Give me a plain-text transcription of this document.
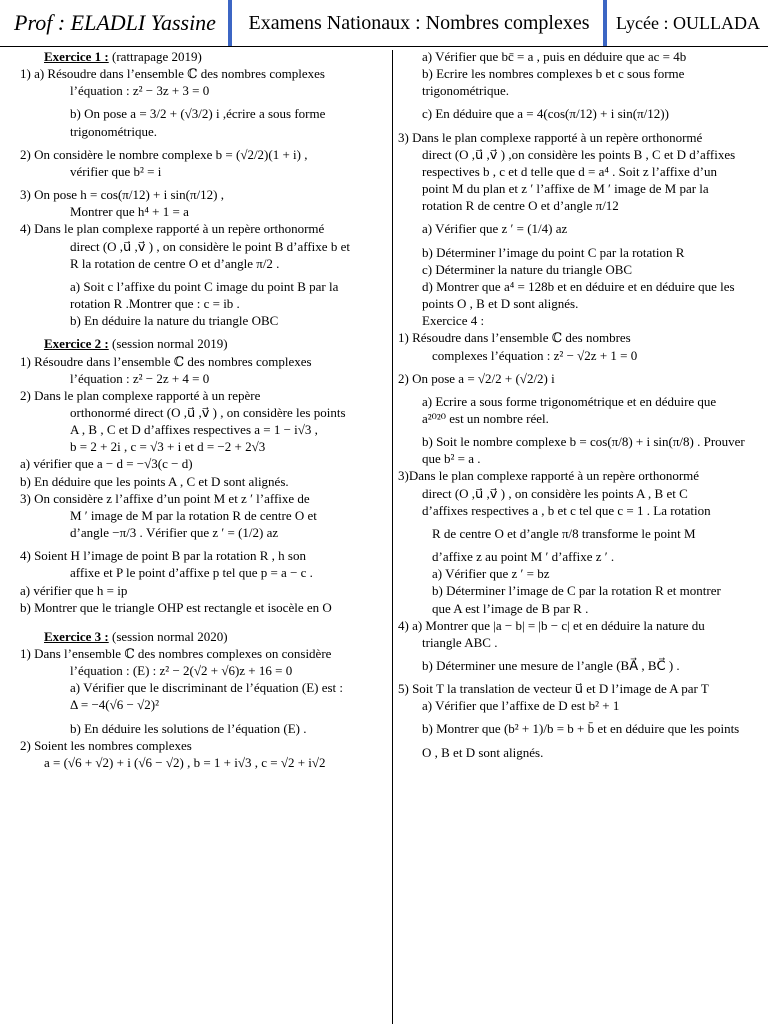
Prof : ELADLI Yassine	Examens Nationaux : Nombres complexes	Lycée : OULLADA
Exercice 1 : (rattrapage 2019)
1) a) Résoudre dans l’ensemble ℂ des nombres complexes
l’équation : z² − 3z + 3 = 0
b) On pose a = 3/2 + (√3/2) i ,écrire a sous forme
trigonométrique.
2) On considère le nombre complexe b = (√2/2)(1 + i) ,
vérifier que b² = i
3) On pose h = cos(π/12) + i sin(π/12) ,
Montrer que h⁴ + 1 = a
4) Dans le plan complexe rapporté à un repère orthonormé
direct (O ,u⃗ ,v⃗ ) , on considère le point B d’affixe b et
R la rotation de centre O et d’angle π/2 .
a) Soit c l’affixe du point C image du point B par la
rotation R .Montrer que : c = ib .
b) En déduire la nature du triangle OBC
Exercice 2 : (session normal 2019)
1) Résoudre dans l’ensemble ℂ des nombres complexes
l’équation : z² − 2z + 4 = 0
2) Dans le plan complexe rapporté à un repère
orthonormé direct (O ,u⃗ ,v⃗ ) , on considère les points
A , B , C et D d’affixes respectives a = 1 − i√3 ,
b = 2 + 2i , c = √3 + i et d = −2 + 2√3
a) vérifier que a − d = −√3(c − d)
b) En déduire que les points A , C et D sont alignés.
3) On considère z l’affixe d’un point M et z ′ l’affixe de
M ′ image de M par la rotation R de centre O et
d’angle −π/3 . Vérifier que z ′ = (1/2) az
4) Soient H l’image de point B par la rotation R , h son
affixe et P le point d’affixe p tel que p = a − c .
a) vérifier que h = ip
b) Montrer que le triangle OHP est rectangle et isocèle en O
Exercice 3 : (session normal 2020)
1) Dans l’ensemble ℂ des nombres complexes on considère
l’équation : (E) : z² − 2(√2 + √6)z + 16 = 0
a) Vérifier que le discriminant de l’équation (E) est :
Δ = −4(√6 − √2)²
b) En déduire les solutions de l’équation (E) .
2) Soient les nombres complexes
a = (√6 + √2) + i (√6 − √2) , b = 1 + i√3 , c = √2 + i√2
a) Vérifier que bc̄ = a , puis en déduire que ac = 4b
b) Ecrire les nombres complexes b et c sous forme
trigonométrique.
c) En déduire que a = 4(cos(π/12) + i sin(π/12))
3) Dans le plan complexe rapporté à un repère orthonormé
direct (O ,u⃗ ,v⃗ ) ,on considère les points B , C et D d’affixes
respectives b , c et d telle que d = a⁴ . Soit z l’affixe d’un
point M du plan et z ′ l’affixe de M ′ image de M par la
rotation R de centre O et d’angle π/12
a) Vérifier que z ′ = (1/4) az
b) Déterminer l’image du point C par la rotation R
c) Déterminer la nature du triangle OBC
d) Montrer que a⁴ = 128b et en déduire et en déduire que les
points O , B et D sont alignés.
Exercice 4 :
1) Résoudre dans l’ensemble ℂ des nombres
complexes l’équation : z² − √2z + 1 = 0
2) On pose a = √2/2 + (√2/2) i
a) Ecrire a sous forme trigonométrique et en déduire que
a²⁰²⁰ est un nombre réel.
b) Soit le nombre complexe b = cos(π/8) + i sin(π/8) . Prouver
que b² = a .
3)Dans le plan complexe rapporté à un repère orthonormé
direct (O ,u⃗ ,v⃗ ) , on considère les points A , B et C
d’affixes respectives a , b et c tel que c = 1 . La rotation
R de centre O et d’angle π/8 transforme le point M
d’affixe z au point M ′ d’affixe z ′ .
a) Vérifier que z ′ = bz
b) Déterminer l’image de C par la rotation R et montrer
que A est l’image de B par R .
4) a) Montrer que |a − b| = |b − c| et en déduire la nature du
triangle ABC .
b) Déterminer une mesure de l’angle (BA⃗ , BC⃗ ) .
5) Soit T la translation de vecteur u⃗ et D l’image de A par T
a) Vérifier que l’affixe de D est b² + 1
b) Montrer que (b² + 1)/b = b + b̄ et en déduire que les points
O , B et D sont alignés.
